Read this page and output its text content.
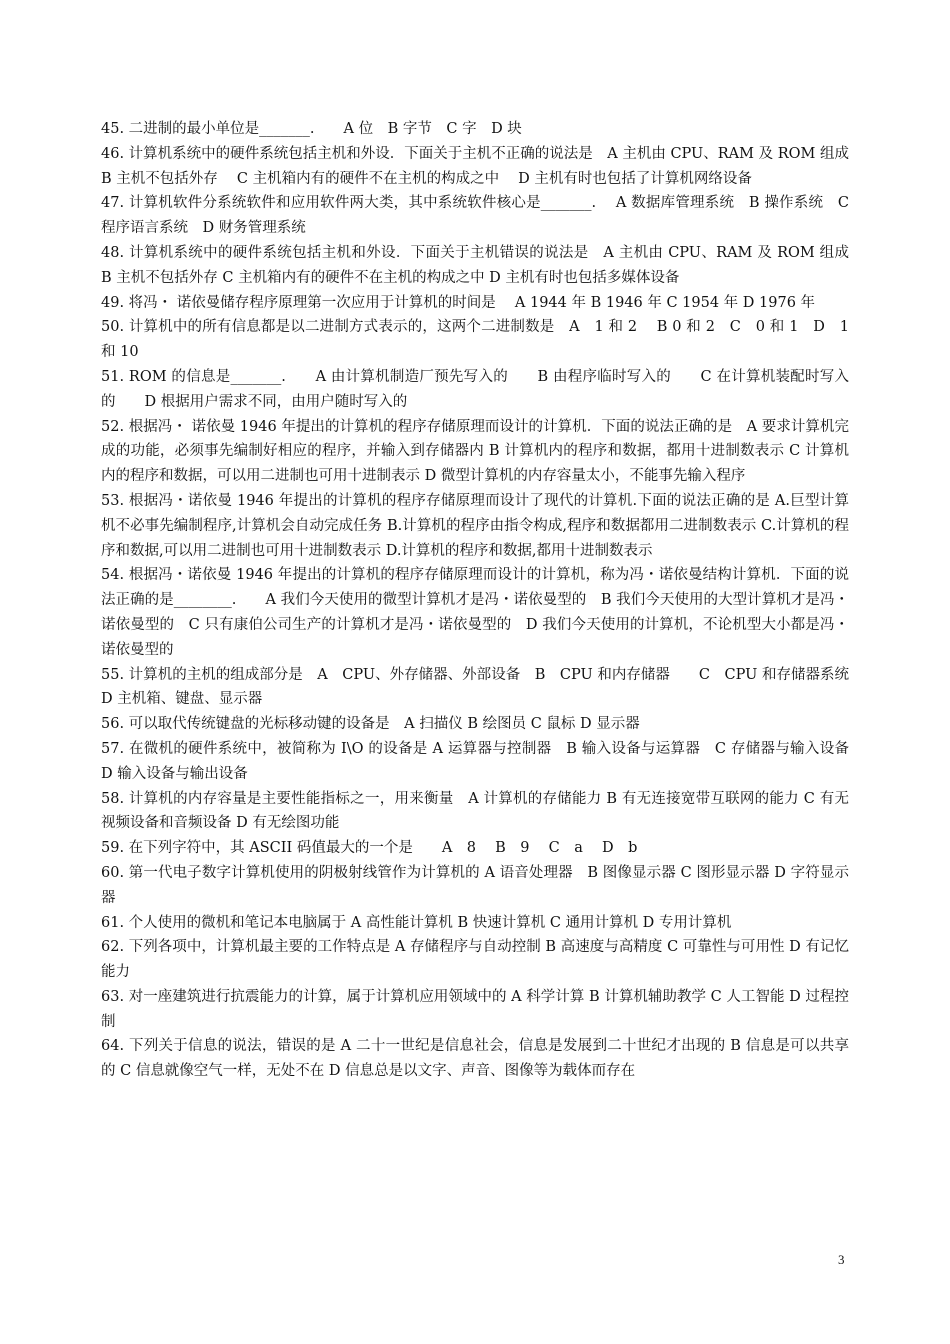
45. 二进制的最小单位是_______.　　A 位　B 字节　C 字　D 块

46. 计算机系统中的硬件系统包括主机和外设．下面关于主机不正确的说法是　A 主机由 CPU、RAM 及 ROM 组成　 B 主机不包括外存　 C 主机箱内有的硬件不在主机的构成之中　 D 主机有时也包括了计算机网络设备

47. 计算机软件分系统软件和应用软件两大类，其中系统软件核心是_______.　 A 数据库管理系统　B 操作系统　C 程序语言系统　D 财务管理系统

48. 计算机系统中的硬件系统包括主机和外设．下面关于主机错误的说法是　A 主机由 CPU、RAM 及 ROM 组成 B 主机不包括外存 C 主机箱内有的硬件不在主机的构成之中 D 主机有时也包括多媒体设备

49. 将冯・ 诺依曼储存程序原理第一次应用于计算机的时间是　 A 1944 年 B 1946 年 C 1954 年 D 1976 年

50. 计算机中的所有信息都是以二进制方式表示的，这两个二进制数是　A　1 和 2　 B 0 和 2　C　0 和 1　D　1 和 10

51. ROM 的信息是_______.　　A 由计算机制造厂预先写入的　　B 由程序临时写入的　　C 在计算机装配时写入的　　D 根据用户需求不同，由用户随时写入的

52. 根据冯・ 诺依曼 1946 年提出的计算机的程序存储原理而设计的计算机．下面的说法正确的是　A 要求计算机完成的功能，必须事先编制好相应的程序，并输入到存储器内 B 计算机内的程序和数据，都用十进制数表示 C 计算机内的程序和数据，可以用二进制也可用十进制表示 D 微型计算机的内存容量太小，不能事先输入程序

53. 根据冯・诺依曼 1946 年提出的计算机的程序存储原理而设计了现代的计算机.下面的说法正确的是 A.巨型计算机不必事先编制程序,计算机会自动完成任务 B.计算机的程序由指令构成,程序和数据都用二进制数表示 C.计算机的程序和数据,可以用二进制也可用十进制数表示 D.计算机的程序和数据,都用十进制数表示

54. 根据冯・诺依曼 1946 年提出的计算机的程序存储原理而设计的计算机，称为冯・诺依曼结构计算机．下面的说法正确的是________.　　A 我们今天使用的微型计算机才是冯・诺依曼型的　B 我们今天使用的大型计算机才是冯・诺依曼型的　C 只有康伯公司生产的计算机才是冯・诺依曼型的　D 我们今天使用的计算机，不论机型大小都是冯・诺依曼型的

55. 计算机的主机的组成部分是　A　CPU、外存储器、外部设备　B　CPU 和内存储器　　C　CPU 和存储器系统　D 主机箱、键盘、显示器

56. 可以取代传统键盘的光标移动键的设备是　A 扫描仪 B 绘图员 C 鼠标 D 显示器

57. 在微机的硬件系统中，被简称为 I\O 的设备是 A 运算器与控制器　B 输入设备与运算器　C 存储器与输入设备　D 输入设备与输出设备

58. 计算机的内存容量是主要性能指标之一，用来衡量　A 计算机的存储能力 B 有无连接宽带互联网的能力 C 有无视频设备和音频设备 D 有无绘图功能

59. 在下列字符中，其 ASCII 码值最大的一个是　　A　8　 B　9　 C　a　 D　b

60. 第一代电子数字计算机使用的阴极射线管作为计算机的 A 语音处理器　B 图像显示器 C 图形显示器 D 字符显示器

61. 个人使用的微机和笔记本电脑属于 A 高性能计算机 B 快速计算机 C 通用计算机 D 专用计算机

62. 下列各项中，计算机最主要的工作特点是 A 存储程序与自动控制 B 高速度与高精度 C 可靠性与可用性 D 有记忆能力

63. 对一座建筑进行抗震能力的计算，属于计算机应用领域中的 A 科学计算 B 计算机辅助教学 C 人工智能 D 过程控制

64. 下列关于信息的说法，错误的是 A 二十一世纪是信息社会，信息是发展到二十世纪才出现的 B 信息是可以共享的 C 信息就像空气一样，无处不在 D 信息总是以文字、声音、图像等为载体而存在

3
